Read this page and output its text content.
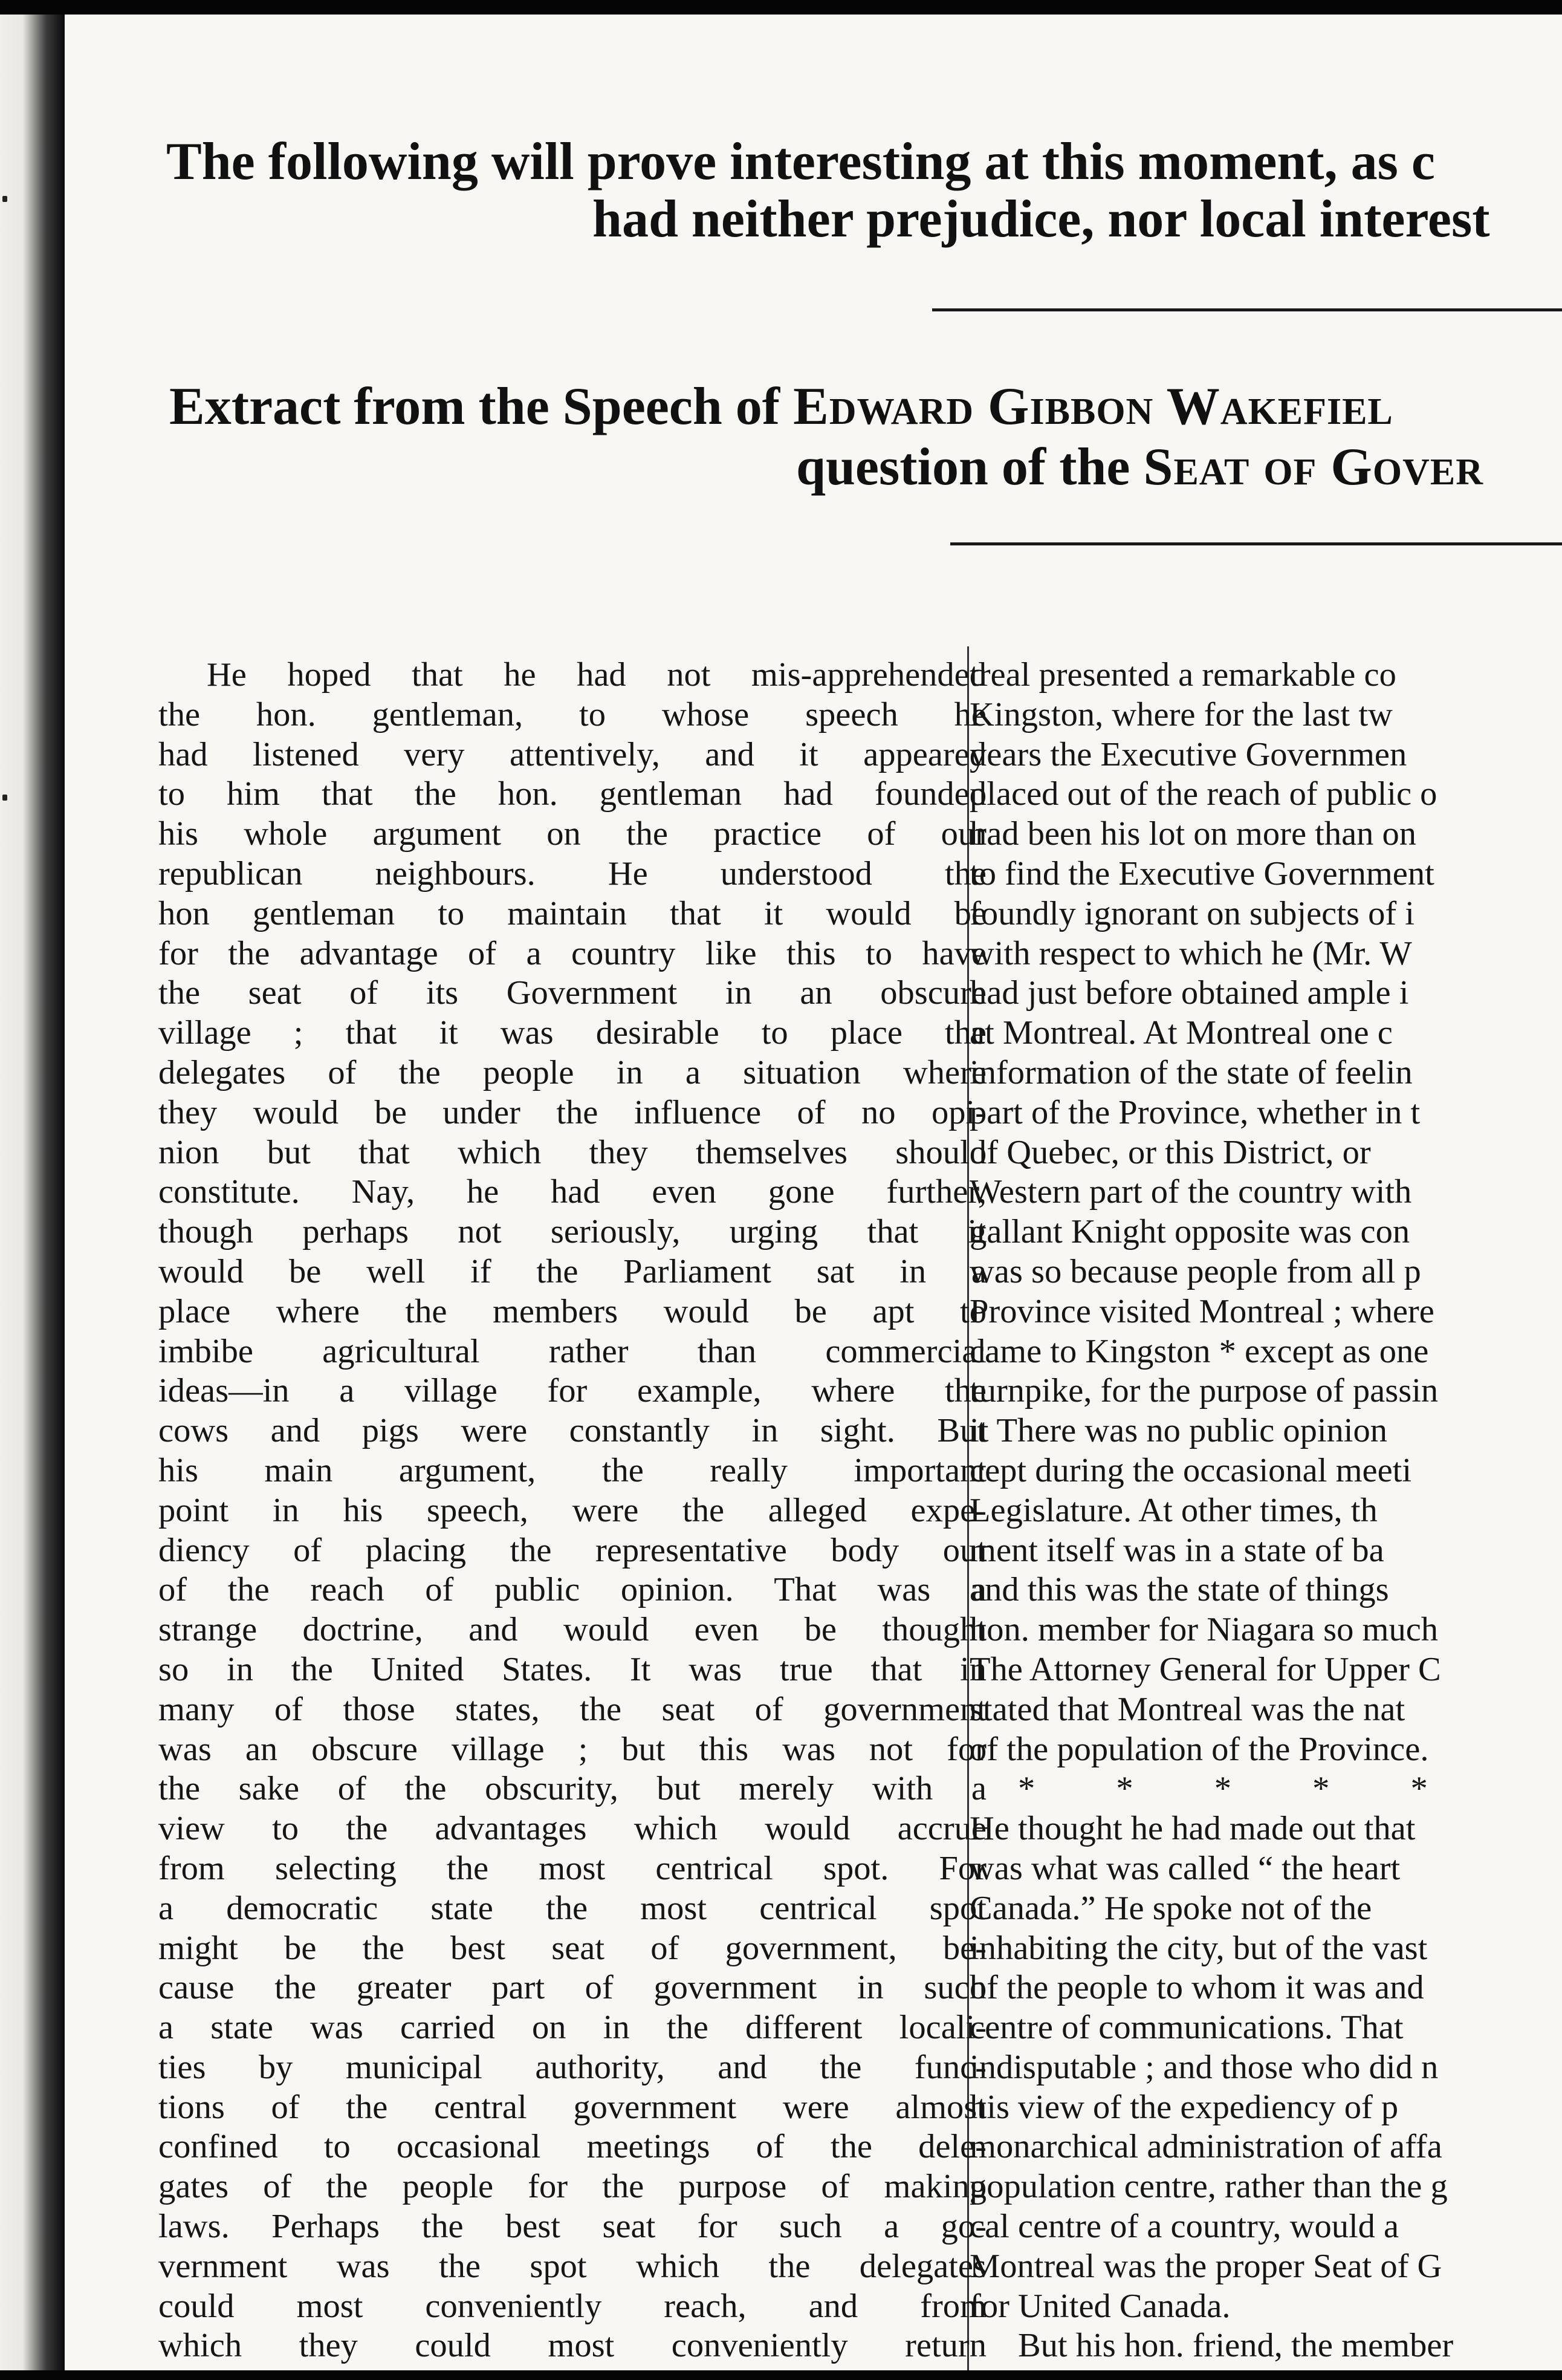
The following will prove interesting at this moment, as c
had neither prejudice, nor local interest
Extract from the Speech of Edward Gibbon Wakefiel
question of the Seat of Gover
He hoped that he had not mis-apprehended
the hon. gentleman, to whose speech he
had listened very attentively, and it appeared
to him that the hon. gentleman had founded
his whole argument on the practice of our
republican neighbours. He understood the
hon gentleman to maintain that it would be
for the advantage of a country like this to have
the seat of its Government in an obscure
village ; that it was desirable to place the
delegates of the people in a situation where
they would be under the influence of no opi-
nion but that which they themselves should
constitute. Nay, he had even gone further,
though perhaps not seriously, urging that it
would be well if the Parliament sat in a
place where the members would be apt to
imbibe agricultural rather than commercial
ideas—in a village for example, where the
cows and pigs were constantly in sight. But
his main argument, the really important
point in his speech, were the alleged expe-
diency of placing the representative body out
of the reach of public opinion. That was a
strange doctrine, and would even be thought
so in the United States. It was true that in
many of those states, the seat of government
was an obscure village ; but this was not for
the sake of the obscurity, but merely with a
view to the advantages which would accrue
from selecting the most centrical spot. For
a democratic state the most centrical spot
might be the best seat of government, be-
cause the greater part of government in such
a state was carried on in the different locali-
ties by municipal authority, and the func-
tions of the central government were almost
confined to occasional meetings of the dele-
gates of the people for the purpose of making
laws. Perhaps the best seat for such a go-
vernment was the spot which the delegates
could most conveniently reach, and from
which they could most conveniently return
treal presented a remarkable co
Kingston, where for the last tw
years the Executive Governmen
placed out of the reach of public o
had been his lot on more than on
to find the Executive Government
foundly ignorant on subjects of i
with respect to which he (Mr. W
had just before obtained ample i
at Montreal. At Montreal one c
information of the state of feelin
part of the Province, whether in t
of Quebec, or this District, or
Western part of the country with
gallant Knight opposite was con
was so because people from all p
Province visited Montreal ; where
came to Kingston * except as one
turnpike, for the purpose of passin
it There was no public opinion
cept during the occasional meeti
Legislature. At other times, th
ment itself was in a state of ba
and this was the state of things
hon. member for Niagara so much
The Attorney General for Upper C
stated that Montreal was the nat
of the population of the Province.
* * * * *
He thought he had made out that
was what was called “ the heart
Canada.” He spoke not of the
inhabiting the city, but of the vast
of the people to whom it was and
centre of communications. That
indisputable ; and those who did n
his view of the expediency of p
monarchical administration of affa
population centre, rather than the g
cal centre of a country, would a
Montreal was the proper Seat of G
for United Canada.
But his hon. friend, the member
